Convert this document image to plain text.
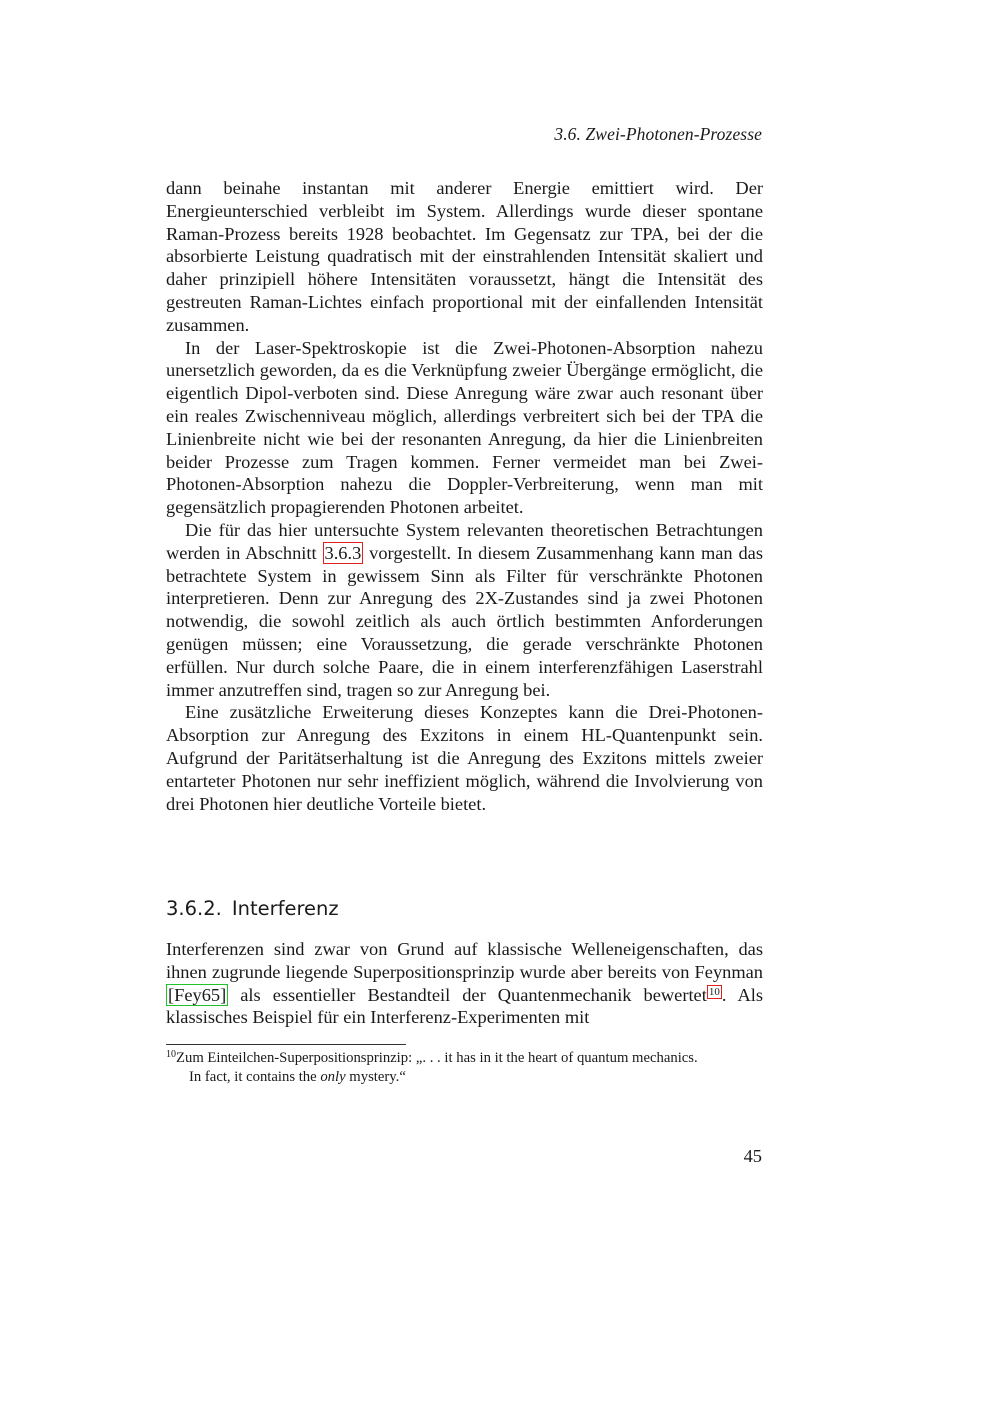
3.6. Zwei-Photonen-Prozesse

dann beinahe instantan mit anderer Energie emittiert wird. Der Energieunterschied verbleibt im System. Allerdings wurde dieser spontane Raman-Prozess bereits 1928 beobachtet. Im Gegensatz zur TPA, bei der die absorbierte Leistung quadratisch mit der einstrahlenden Intensität skaliert und daher prinzipiell höhere Intensitäten voraussetzt, hängt die Intensität des gestreuten Raman-Lichtes einfach proportional mit der einfallenden Intensität zusammen.

In der Laser-Spektroskopie ist die Zwei-Photonen-Absorption nahezu unersetzlich geworden, da es die Verknüpfung zweier Übergänge ermöglicht, die eigentlich Dipol-verboten sind. Diese Anregung wäre zwar auch resonant über ein reales Zwischenniveau möglich, allerdings verbreitert sich bei der TPA die Linienbreite nicht wie bei der resonanten Anregung, da hier die Linienbreiten beider Prozesse zum Tragen kommen. Ferner vermeidet man bei Zwei-Photonen-Absorption nahezu die Doppler-Verbreiterung, wenn man mit gegensätzlich propagierenden Photonen arbeitet.

Die für das hier untersuchte System relevanten theoretischen Betrachtungen werden in Abschnitt 3.6.3 vorgestellt. In diesem Zusammenhang kann man das betrachtete System in gewissem Sinn als Filter für verschränkte Photonen interpretieren. Denn zur Anregung des 2X-Zustandes sind ja zwei Photonen notwendig, die sowohl zeitlich als auch örtlich bestimmten Anforderungen genügen müssen; eine Voraussetzung, die gerade verschränkte Photonen erfüllen. Nur durch solche Paare, die in einem interferenzfähigen Laserstrahl immer anzutreffen sind, tragen so zur Anregung bei.

Eine zusätzliche Erweiterung dieses Konzeptes kann die Drei-Photonen-Absorption zur Anregung des Exzitons in einem HL-Quantenpunkt sein. Aufgrund der Paritätserhaltung ist die Anregung des Exzitons mittels zweier entarteter Photonen nur sehr ineffizient möglich, während die Involvierung von drei Photonen hier deutliche Vorteile bietet.

3.6.2. Interferenz

Interferenzen sind zwar von Grund auf klassische Welleneigenschaften, das ihnen zugrunde liegende Superpositionsprinzip wurde aber bereits von Feynman [Fey65] als essentieller Bestandteil der Quantenmechanik bewertet $^{10}$ . Als klassisches Beispiel für ein Interferenz-Experimenten mit

$^{10}$Zum Einteilchen-Superpositionsprinzip: „. . . it has in it the heart of quantum mechanics.
In fact, it contains the only mystery.“
45
